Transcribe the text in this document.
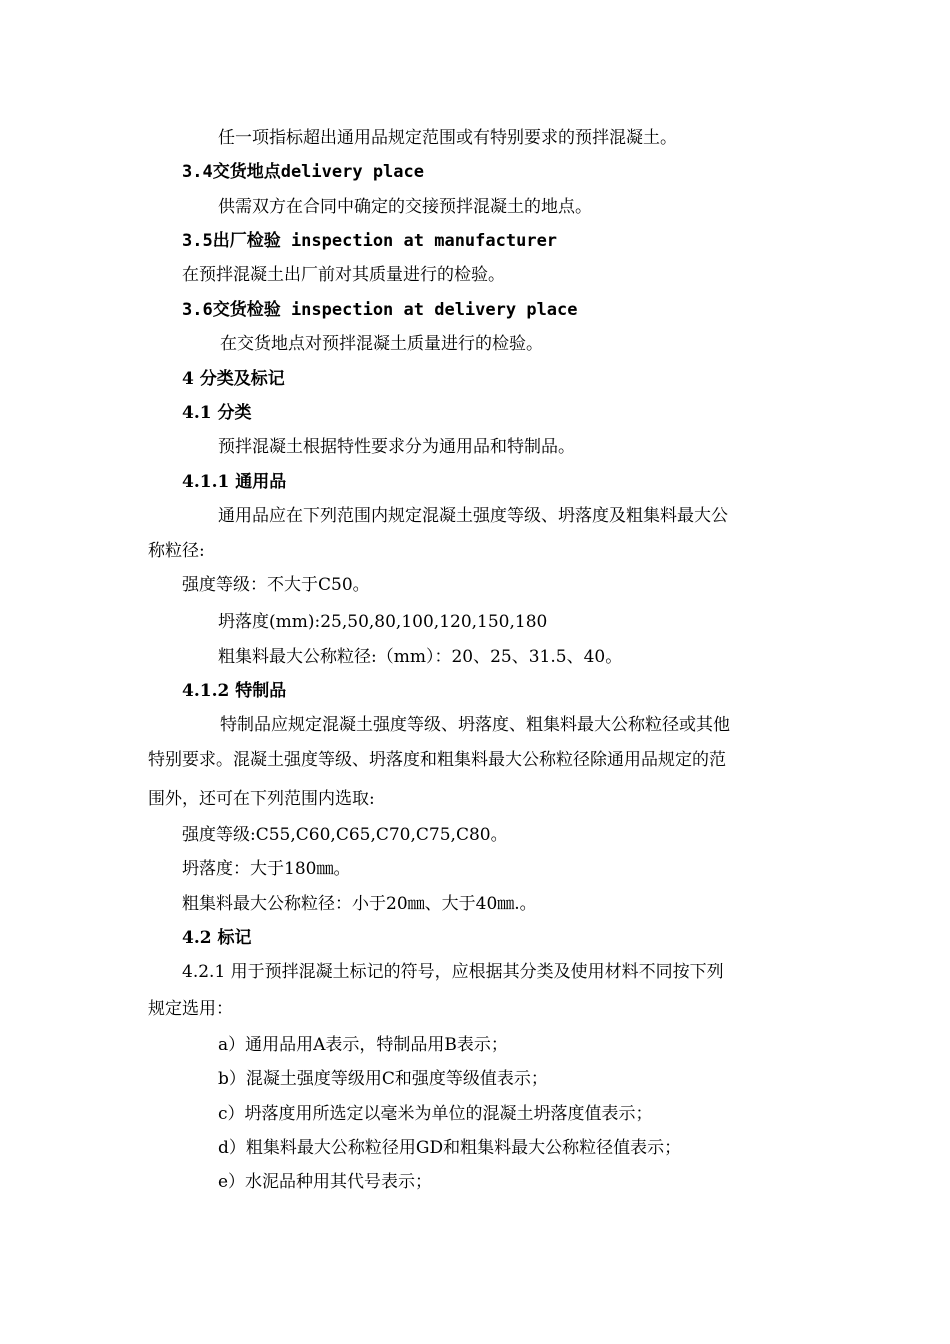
任一项指标超出通用品规定范围或有特别要求的预拌混凝土。
3.4交货地点delivery place
供需双方在合同中确定的交接预拌混凝土的地点。
3.5出厂检验 inspection at manufacturer
在预拌混凝土出厂前对其质量进行的检验。
3.6交货检验 inspection at delivery place
在交货地点对预拌混凝土质量进行的检验。
4 分类及标记
4.1 分类
预拌混凝土根据特性要求分为通用品和特制品。
4.1.1 通用品
通用品应在下列范围内规定混凝土强度等级、坍落度及粗集料最大公
称粒径:
强度等级：不大于C50。
坍落度(mm):25,50,80,100,120,150,180
粗集料最大公称粒径:（mm）：20、25、31.5、40。
4.1.2 特制品
特制品应规定混凝土强度等级、坍落度、粗集料最大公称粒径或其他
特别要求。混凝土强度等级、坍落度和粗集料最大公称粒径除通用品规定的范
围外，还可在下列范围内选取:
强度等级:C55,C60,C65,C70,C75,C80。
坍落度：大于180㎜。
粗集料最大公称粒径：小于20㎜、大于40㎜.。
4.2 标记
4.2.1 用于预拌混凝土标记的符号，应根据其分类及使用材料不同按下列
规定选用：
a）通用品用A表示，特制品用B表示；
b）混凝土强度等级用C和强度等级值表示；
c）坍落度用所选定以毫米为单位的混凝土坍落度值表示；
d）粗集料最大公称粒径用GD和粗集料最大公称粒径值表示；
e）水泥品种用其代号表示；
